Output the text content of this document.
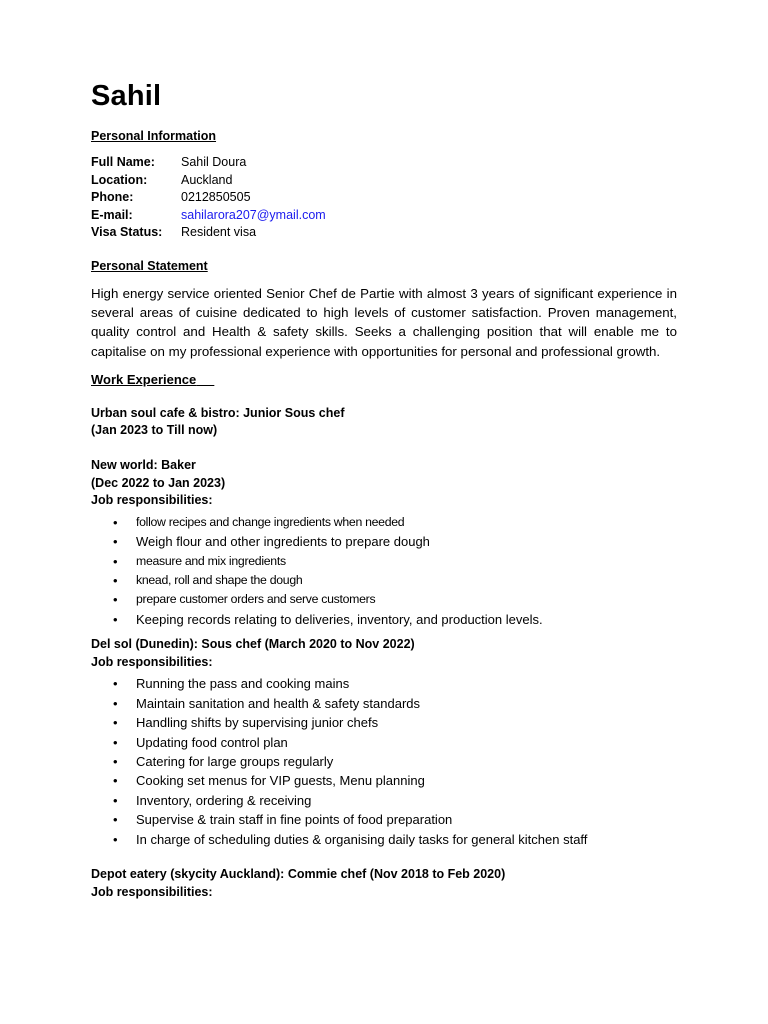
Sahil
Personal Information
Full Name:	Sahil Doura
Location:	Auckland
Phone:	0212850505
E-mail:	sahilarora207@ymail.com
Visa Status:	Resident visa
Personal Statement

High energy service oriented Senior Chef de Partie with almost 3 years of significant experience in several areas of cuisine dedicated to high levels of customer satisfaction. Proven management, quality control and Health & safety skills. Seeks a challenging position that will enable me to capitalise on my professional experience with opportunities for personal and professional growth.

Work Experience
Urban soul cafe & bistro: Junior Sous chef
(Jan 2023 to Till now)
New world: Baker
(Dec 2022 to Jan 2023)
Job responsibilities:
• follow recipes and change ingredients when needed
• Weigh flour and other ingredients to prepare dough
• measure and mix ingredients
• knead, roll and shape the dough
• prepare customer orders and serve customers
• Keeping records relating to deliveries, inventory, and production levels.
Del sol (Dunedin): Sous chef (March 2020 to Nov 2022)
Job responsibilities:
• Running the pass and cooking mains
• Maintain sanitation and health & safety standards
• Handling shifts by supervising junior chefs
• Updating food control plan
• Catering for large groups regularly
• Cooking set menus for VIP guests, Menu planning
• Inventory, ordering & receiving
• Supervise & train staff in fine points of food preparation
• In charge of scheduling duties & organising daily tasks for general kitchen staff
Depot eatery (skycity Auckland): Commie chef (Nov 2018 to Feb 2020)
Job responsibilities:
